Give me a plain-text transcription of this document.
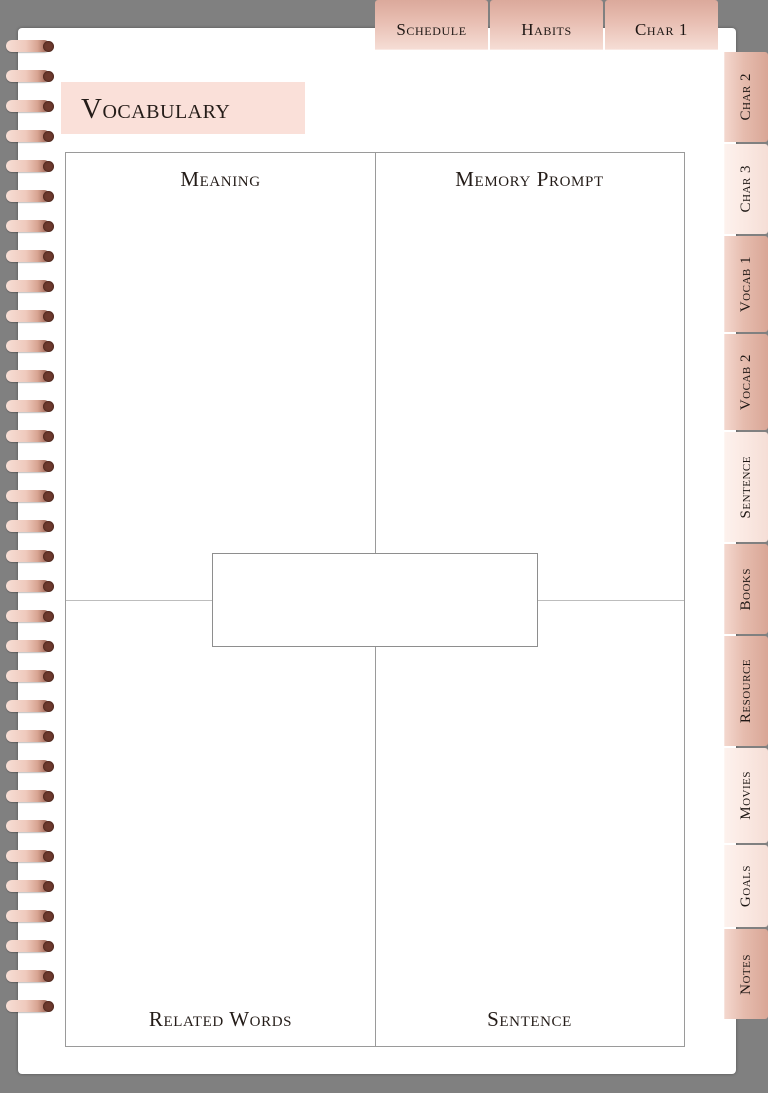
Schedule	Habits	Char 1
Char 2
Char 3
Vocab 1
Vocab 2
Sentence
Books
Resource
Movies
Goals
Notes
Vocabulary
Meaning	Memory Prompt
Related Words	Sentence
